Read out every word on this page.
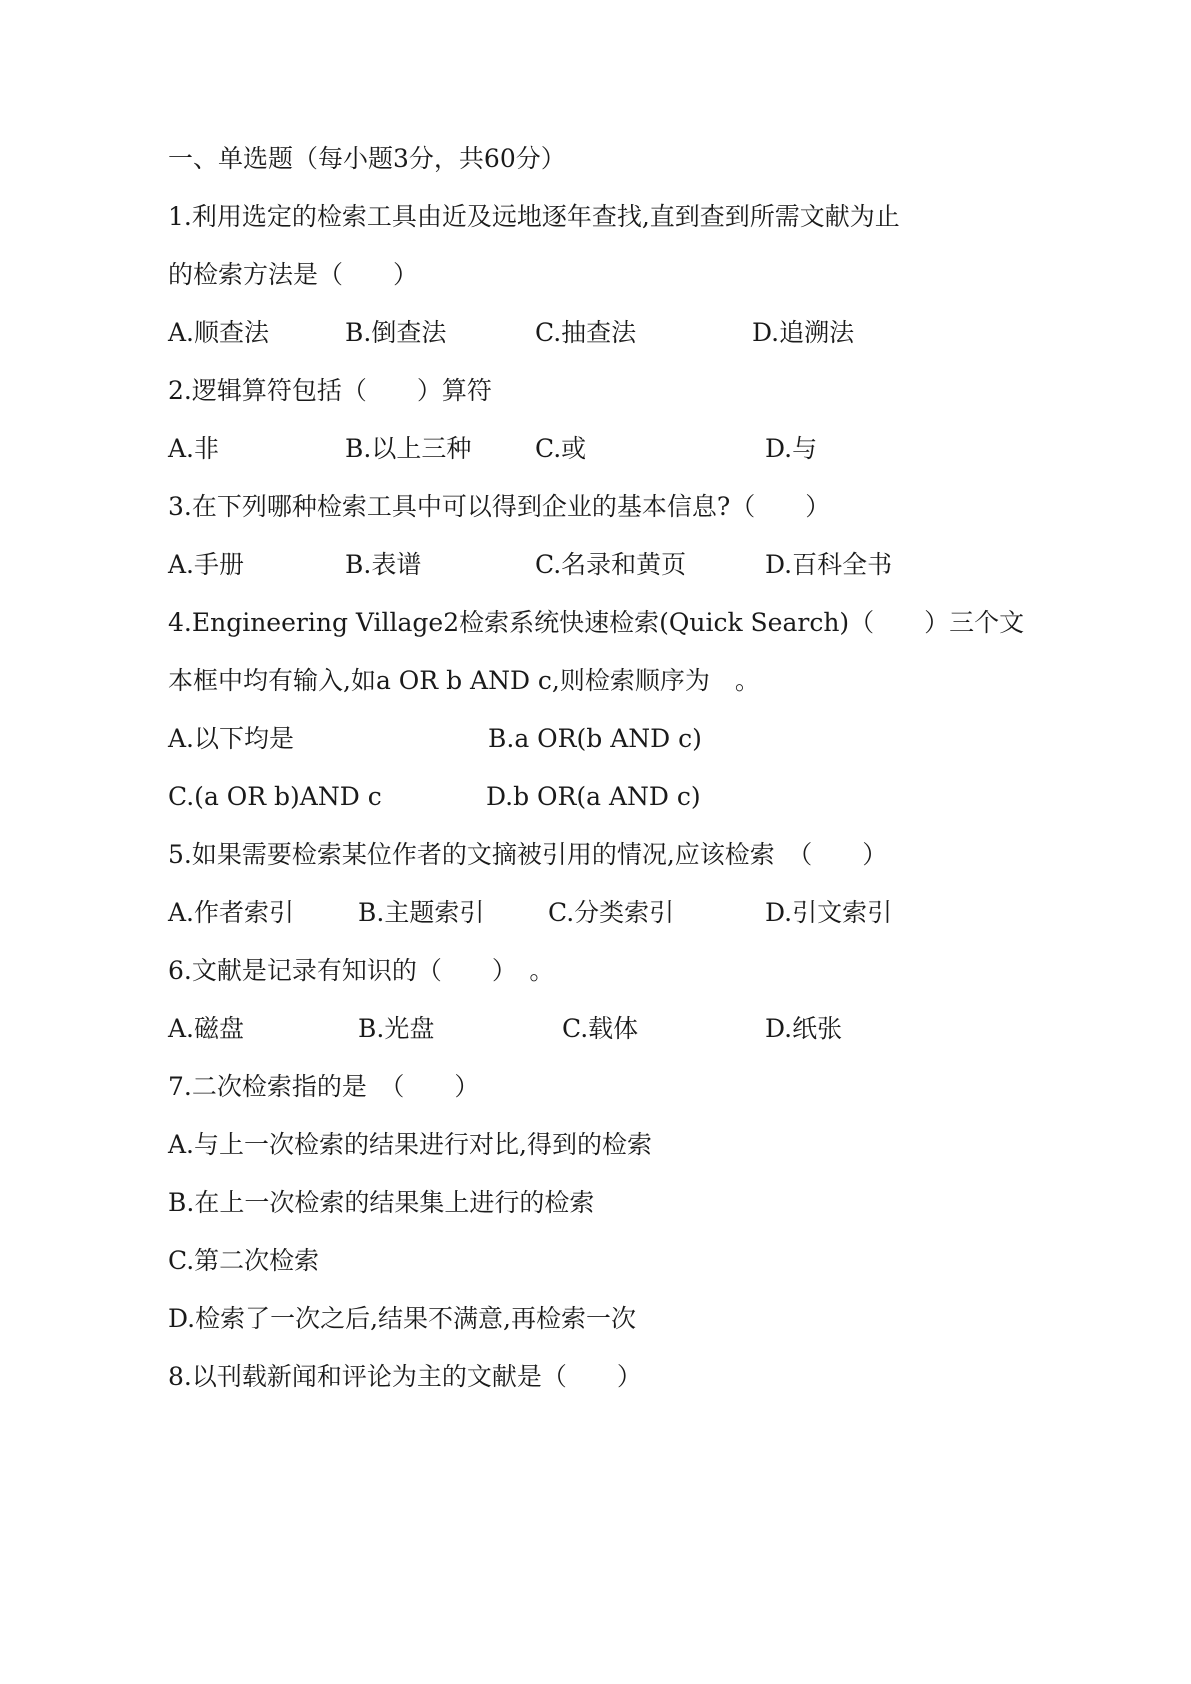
一、单选题（每小题3分，共60分）
1.利用选定的检索工具由近及远地逐年查找,直到查到所需文献为止
的检索方法是（　　）
A.顺查法	B.倒查法	C.抽查法	D.追溯法
2.逻辑算符包括（　　）算符
A.非	B.以上三种	C.或	D.与
3.在下列哪种检索工具中可以得到企业的基本信息?（　　）
A.手册	B.表谱	C.名录和黄页	D.百科全书
4.Engineering Village2检索系统快速检索(Quick Search)（　　）三个文
本框中均有输入,如a OR b AND c,则检索顺序为　。
A.以下均是	B.a OR(b AND c)
C.(a OR b)AND c	D.b OR(a AND c)
5.如果需要检索某位作者的文摘被引用的情况,应该检索　（　　）
A.作者索引	B.主题索引	C.分类索引	D.引文索引
6.文献是记录有知识的（　　）　。
A.磁盘	B.光盘	C.载体	D.纸张
7.二次检索指的是　（　　）
A.与上一次检索的结果进行对比,得到的检索
B.在上一次检索的结果集上进行的检索
C.第二次检索
D.检索了一次之后,结果不满意,再检索一次
8.以刊载新闻和评论为主的文献是（　　）
